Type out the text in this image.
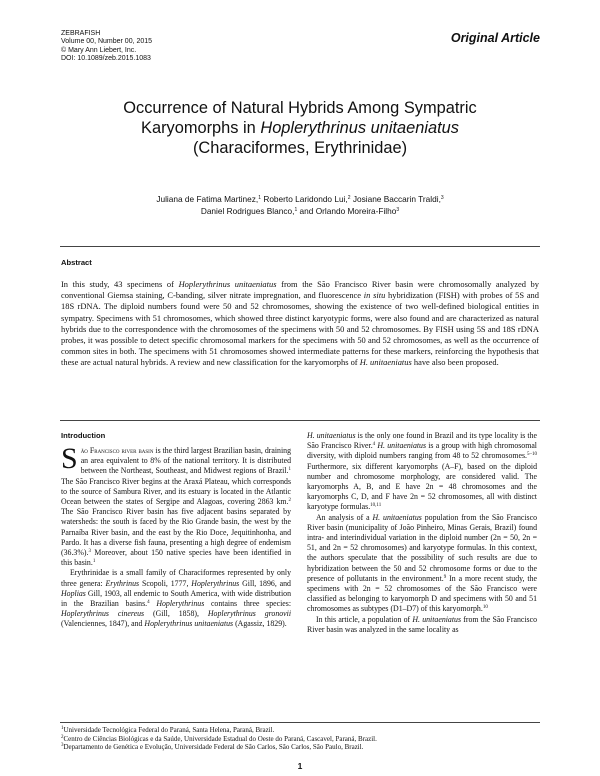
ZEBRAFISH
Volume 00, Number 00, 2015
© Mary Ann Liebert, Inc.
DOI: 10.1089/zeb.2015.1083
Original Article
Occurrence of Natural Hybrids Among Sympatric
Karyomorphs in Hoplerythrinus unitaeniatus
(Characiformes, Erythrinidae)
Juliana de Fatima Martinez,$^1$ Roberto Laridondo Lui,$^2$ Josiane Baccarin Traldi,$^3$
Daniel Rodrigues Blanco,$^1$ and Orlando Moreira-Filho$^3$
Abstract
In this study, 43 specimens of Hoplerythrinus unitaeniatus from the São Francisco River basin were chromosomally analyzed by conventional Giemsa staining, C-banding, silver nitrate impregnation, and fluorescence in situ hybridization (FISH) with probes of 5S and 18S rDNA. The diploid numbers found were 50 and 52 chromosomes, showing the existence of two well-defined biological entities in sympatry. Specimens with 51 chromosomes, which showed three distinct karyotypic forms, were also found and are characterized as natural hybrids due to the correspondence with the chromosomes of the specimens with 50 and 52 chromosomes. By FISH using 5S and 18S rDNA probes, it was possible to detect specific chromosomal markers for the specimens with 50 and 52 chromosomes, as well as the occurrence of common sites in both. The specimens with 51 chromosomes showed intermediate patterns for these markers, reinforcing the hypothesis that these are actual natural hybrids. A review and new classification for the karyomorphs of H. unitaeniatus have also been proposed.
Introduction

São Francisco river basin is the third largest Brazilian basin, draining an area equivalent to 8% of the national territory. It is distributed between the Northeast, Southeast, and Midwest regions of Brazil.$^1$ The São Francisco River begins at the Araxá Plateau, which corresponds to the source of Sambura River, and its estuary is located in the Atlantic Ocean between the states of Sergipe and Alagoas, covering 2863 km.$^2$ The São Francisco River basin has five adjacent basins separated by watersheds: the south is faced by the Rio Grande basin, the west by the Parnaíba River basin, and the east by the Rio Doce, Jequitinhonha, and Pardo. It has a diverse fish fauna, presenting a high degree of endemism (36.3%).$^3$ Moreover, about 150 native species have been identified in this basin.$^1$

Erythrinidae is a small family of Characiformes represented by only three genera: Erythrinus Scopoli, 1777, Hoplerythrinus Gill, 1896, and Hoplias Gill, 1903, all endemic to South America, with wide distribution in the Brazilian basins.$^4$ Hoplerythrinus contains three species: Hoplerythrinus cinereus (Gill, 1858), Hoplerythrinus gronovii (Valenciennes, 1847), and Hoplerythrinus unitaeniatus (Agassiz, 1829).

H. unitaeniatus is the only one found in Brazil and its type locality is the São Francisco River.$^4$ H. unitaeniatus is a group with high chromosomal diversity, with diploid numbers ranging from 48 to 52 chromosomes.$^{5-10}$ Furthermore, six different karyomorphs (A–F), based on the diploid number and chromosome morphology, are considered valid. The karyomorphs A, B, and E have 2n = 48 chromosomes and the karyomorphs C, D, and F have 2n = 52 chromosomes, all with distinct karyotype formulas.$^{10,11}$

An analysis of a H. unitaeniatus population from the São Francisco River basin (municipality of João Pinheiro, Minas Gerais, Brazil) found intra- and interindividual variation in the diploid number (2n = 50, 2n = 51, and 2n = 52 chromosomes) and karyotype formulas. In this context, the authors speculate that the possibility of such results are due to hybridization between the 50 and 52 chromosome forms or due to the presence of pollutants in the environment.$^9$ In a more recent study, the specimens with 2n = 52 chromosomes of the São Francisco were classified as belonging to karyomorph D and specimens with 50 and 51 chromosomes as subtypes (D1–D7) of this karyomorph.$^{10}$

In this article, a population of H. unitaeniatus from the São Francisco River basin was analyzed in the same locality as

$^1$Universidade Tecnológica Federal do Paraná, Santa Helena, Paraná, Brazil.
$^2$Centro de Ciências Biológicas e da Saúde, Universidade Estadual do Oeste do Paraná, Cascavel, Paraná, Brazil.
$^3$Departamento de Genética e Evolução, Universidade Federal de São Carlos, São Carlos, São Paulo, Brazil.
1
